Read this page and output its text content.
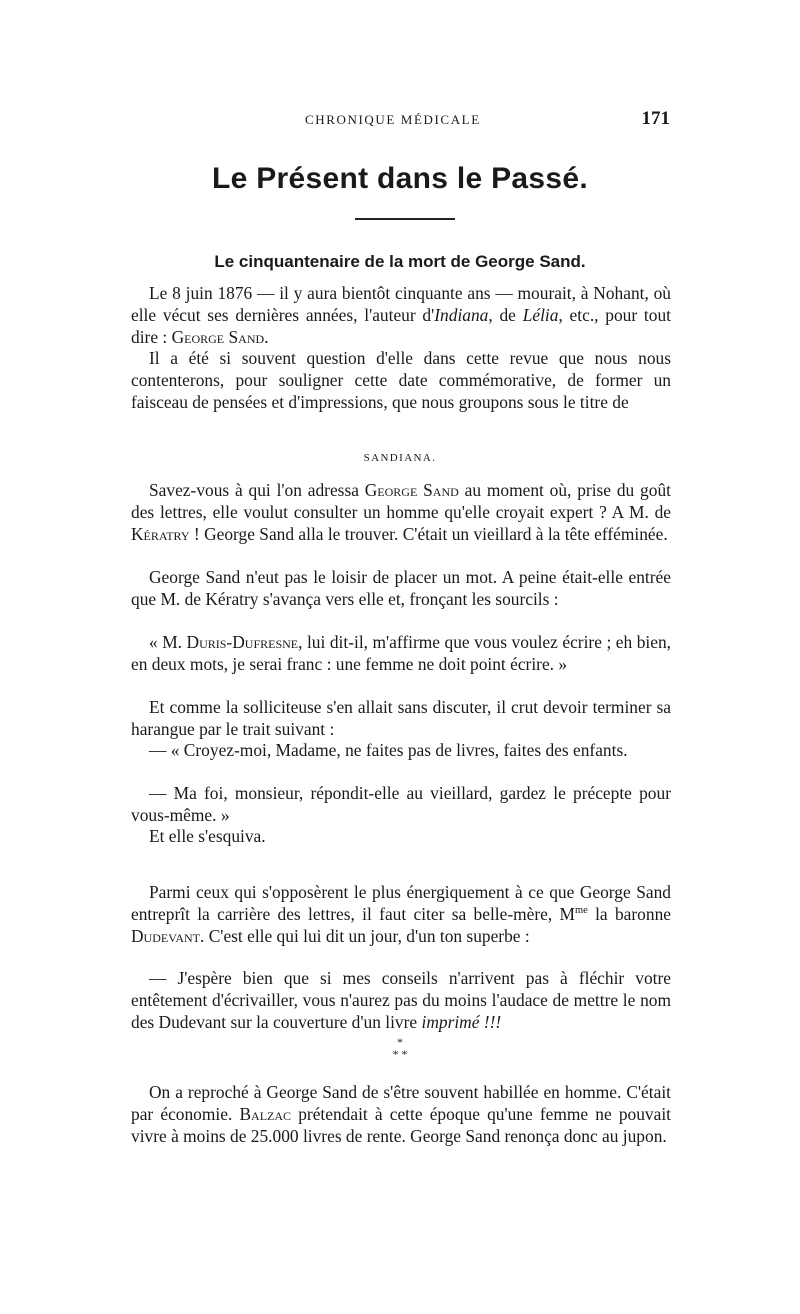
CHRONIQUE MÉDICALE	171
Le Présent dans le Passé.
Le cinquantenaire de la mort de George Sand.

Le 8 juin 1876 — il y aura bientôt cinquante ans — mourait, à Nohant, où elle vécut ses dernières années, l'auteur d'Indiana, de Lélia, etc., pour tout dire : George Sand.

Il a été si souvent question d'elle dans cette revue que nous nous contenterons, pour souligner cette date commémorative, de former un faisceau de pensées et d'impressions, que nous groupons sous le titre de

SANDIANA.

Savez-vous à qui l'on adressa George Sand au moment où, prise du goût des lettres, elle voulut consulter un homme qu'elle croyait expert ? A M. de Kératry ! George Sand alla le trouver. C'était un vieillard à la tête efféminée.

George Sand n'eut pas le loisir de placer un mot. A peine était-elle entrée que M. de Kératry s'avança vers elle et, fronçant les sourcils :

« M. Duris-Dufresne, lui dit-il, m'affirme que vous voulez écrire ; eh bien, en deux mots, je serai franc : une femme ne doit point écrire. »

Et comme la solliciteuse s'en allait sans discuter, il crut devoir terminer sa harangue par le trait suivant :

— « Croyez-moi, Madame, ne faites pas de livres, faites des enfants.

— Ma foi, monsieur, répondit-elle au vieillard, gardez le précepte pour vous-même. »

Et elle s'esquiva.

Parmi ceux qui s'opposèrent le plus énergiquement à ce que George Sand entreprît la carrière des lettres, il faut citer sa belle-mère, $M^{me}$ la baronne Dudevant. C'est elle qui lui dit un jour, d'un ton superbe :

— J'espère bien que si mes conseils n'arrivent pas à fléchir votre entêtement d'écrivailler, vous n'aurez pas du moins l'audace de mettre le nom des Dudevant sur la couverture d'un livre imprimé !!!

*
* *

On a reproché à George Sand de s'être souvent habillée en homme. C'était par économie. Balzac prétendait à cette époque qu'une femme ne pouvait vivre à moins de 25.000 livres de rente. George Sand renonça donc au jupon.
